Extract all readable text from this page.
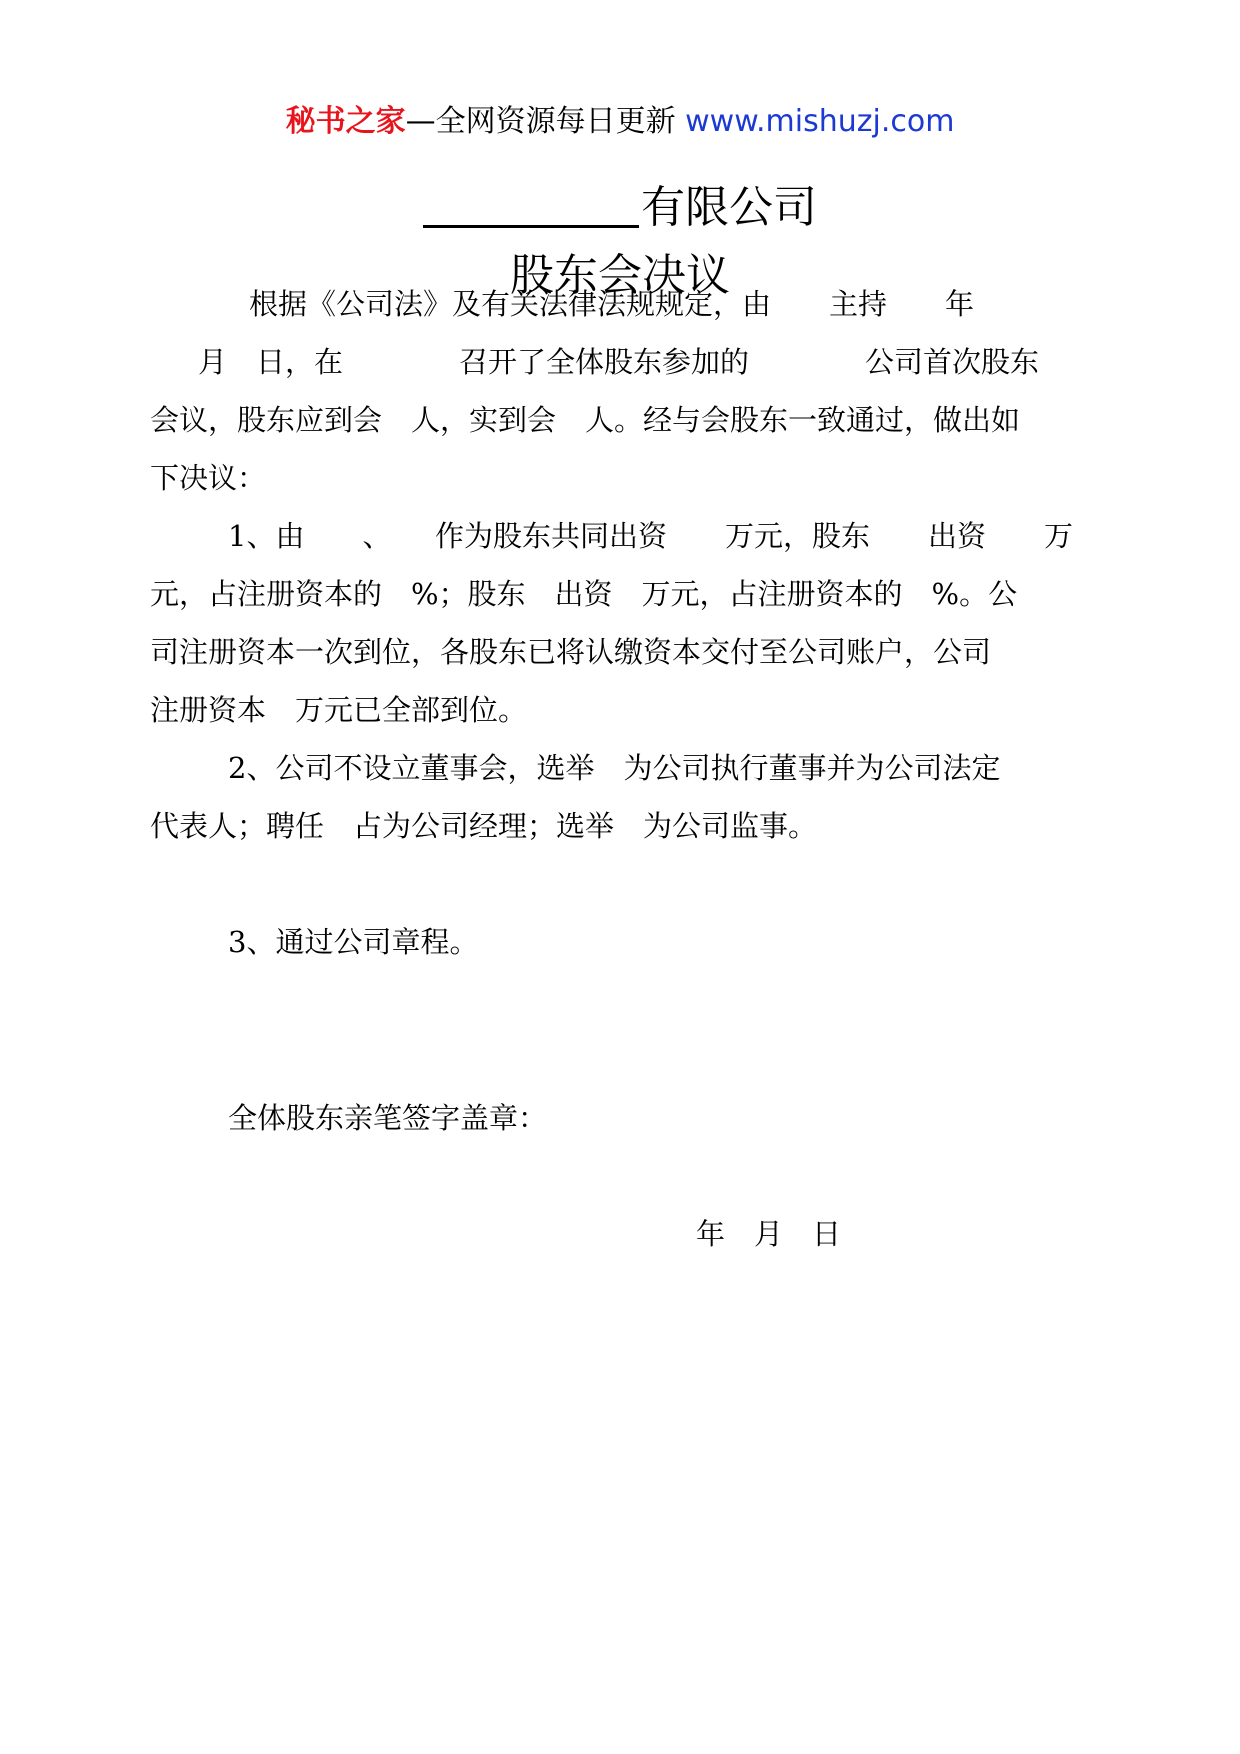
秘书之家—全网资源每日更新 www.mishuzj.com
有限公司
股东会决议
根据《公司法》及有关法律法规规定，由　　主持　　年
月　日，在　　　　召开了全体股东参加的　　　　公司首次股东
会议，股东应到会　人，实到会　人。经与会股东一致通过，做出如
下决议：
1、由　　、　　作为股东共同出资　　万元，股东　　出资　　万
元，占注册资本的　%；股东　出资　万元，占注册资本的　%。公
司注册资本一次到位，各股东已将认缴资本交付至公司账户，公司
注册资本　万元已全部到位。
2、公司不设立董事会，选举　为公司执行董事并为公司法定
代表人；聘任　占为公司经理；选举　为公司监事。
3、通过公司章程。
全体股东亲笔签字盖章：
年　月　日
